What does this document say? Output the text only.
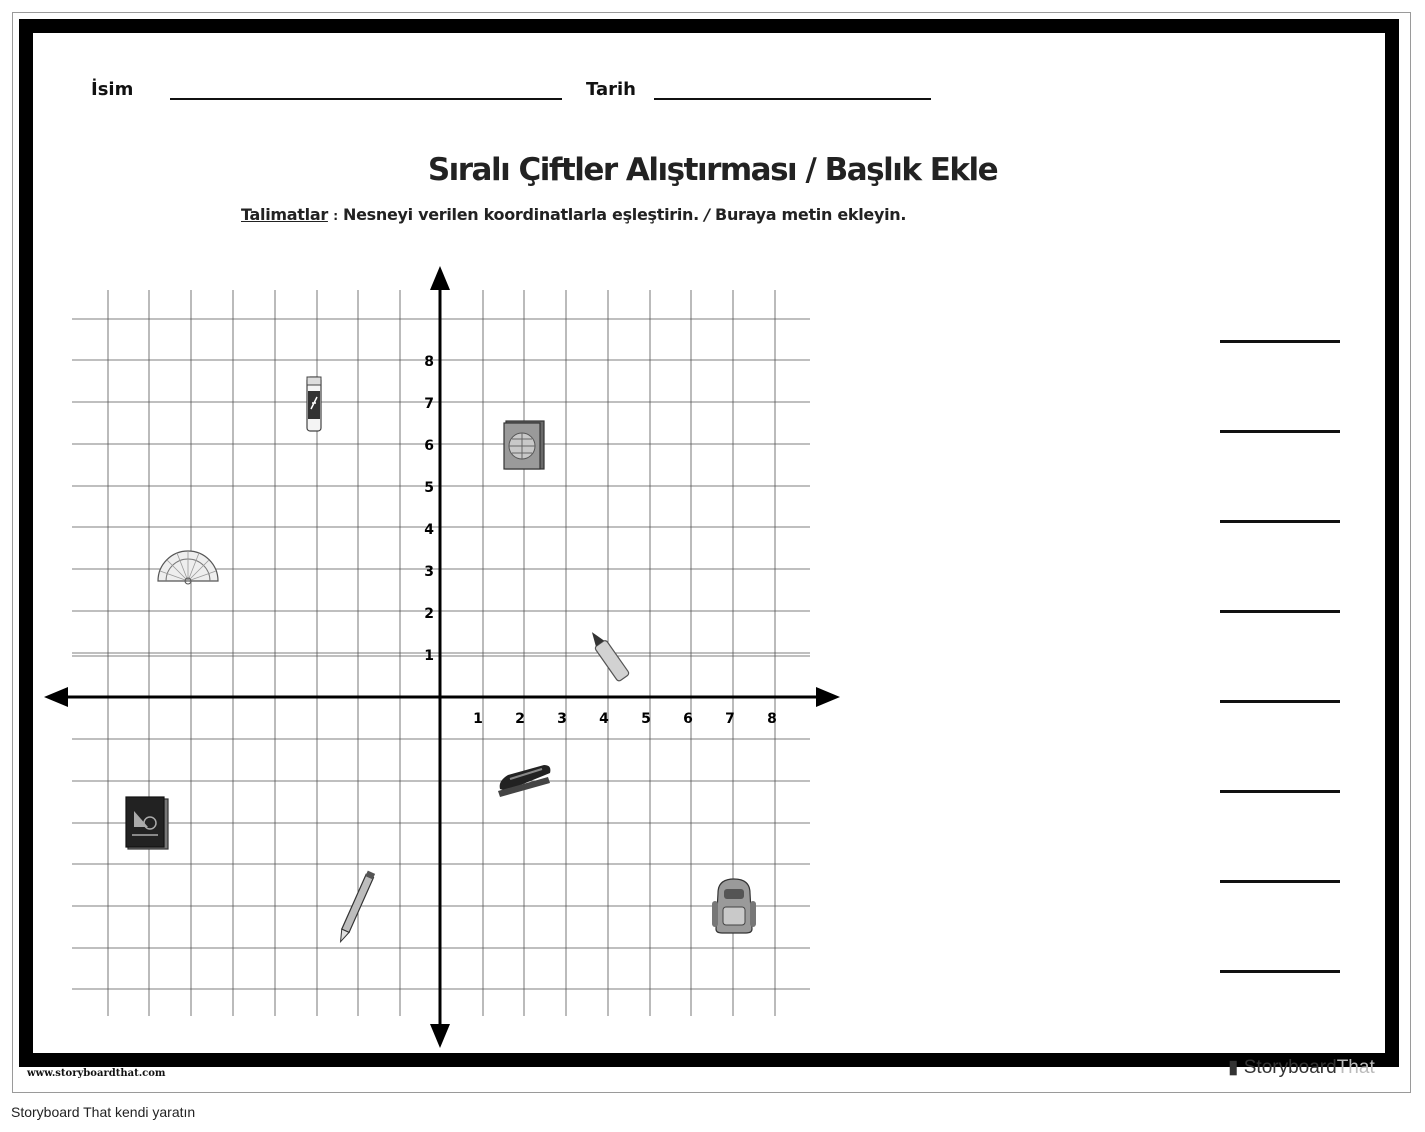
İsim	Tarih
Sıralı Çiftler Alıştırması / Başlık Ekle
Talimatlar : Nesneyi verilen koordinatlarla eşleştirin. / Buraya metin ekleyin.
1 2 3 4 5 6 7 8
1
2
3
4
5
6
7
8
www.storyboardthat.com	▮ StoryboardThat
Storyboard That kendi yaratın
